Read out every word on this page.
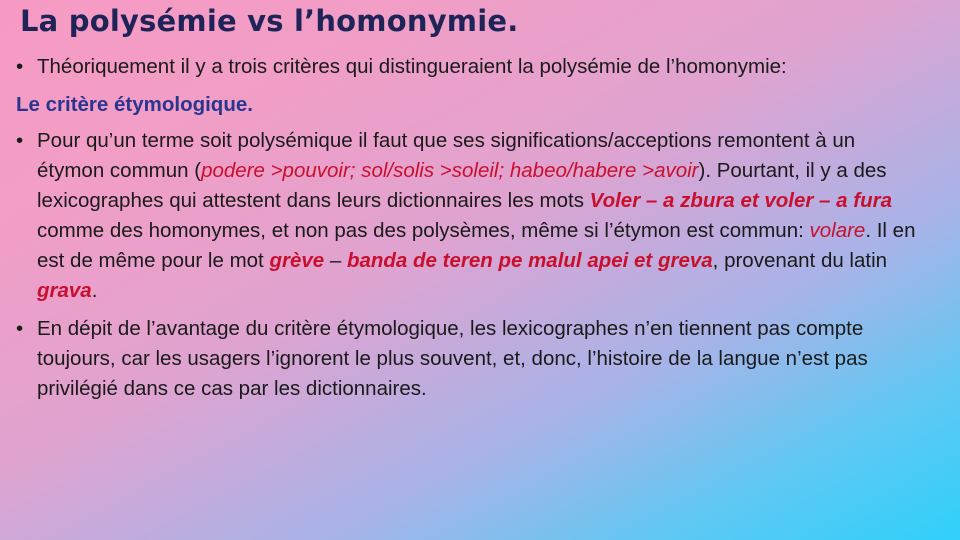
La polysémie vs l’homonymie.

• Théoriquement il y a trois critères qui distingueraient la polysémie de l’homonymie:

Le critère étymologique.

• Pour qu’un terme soit polysémique il faut que ses significations/acceptions remontent à un étymon commun (podere >pouvoir; sol/solis >soleil; habeo/habere >avoir). Pourtant, il y a des lexicographes qui attestent dans leurs dictionnaires les mots Voler – a zbura et voler – a fura comme des homonymes, et non pas des polysèmes, même si l’étymon est commun: volare. Il en est de même pour le mot grève – banda de teren pe malul apei et greva, provenant du latin grava.

• En dépit de l’avantage du critère étymologique, les lexicographes n’en tiennent pas compte toujours, car les usagers l’ignorent le plus souvent, et, donc, l’histoire de la langue n’est pas privilégié dans ce cas par les dictionnaires.
